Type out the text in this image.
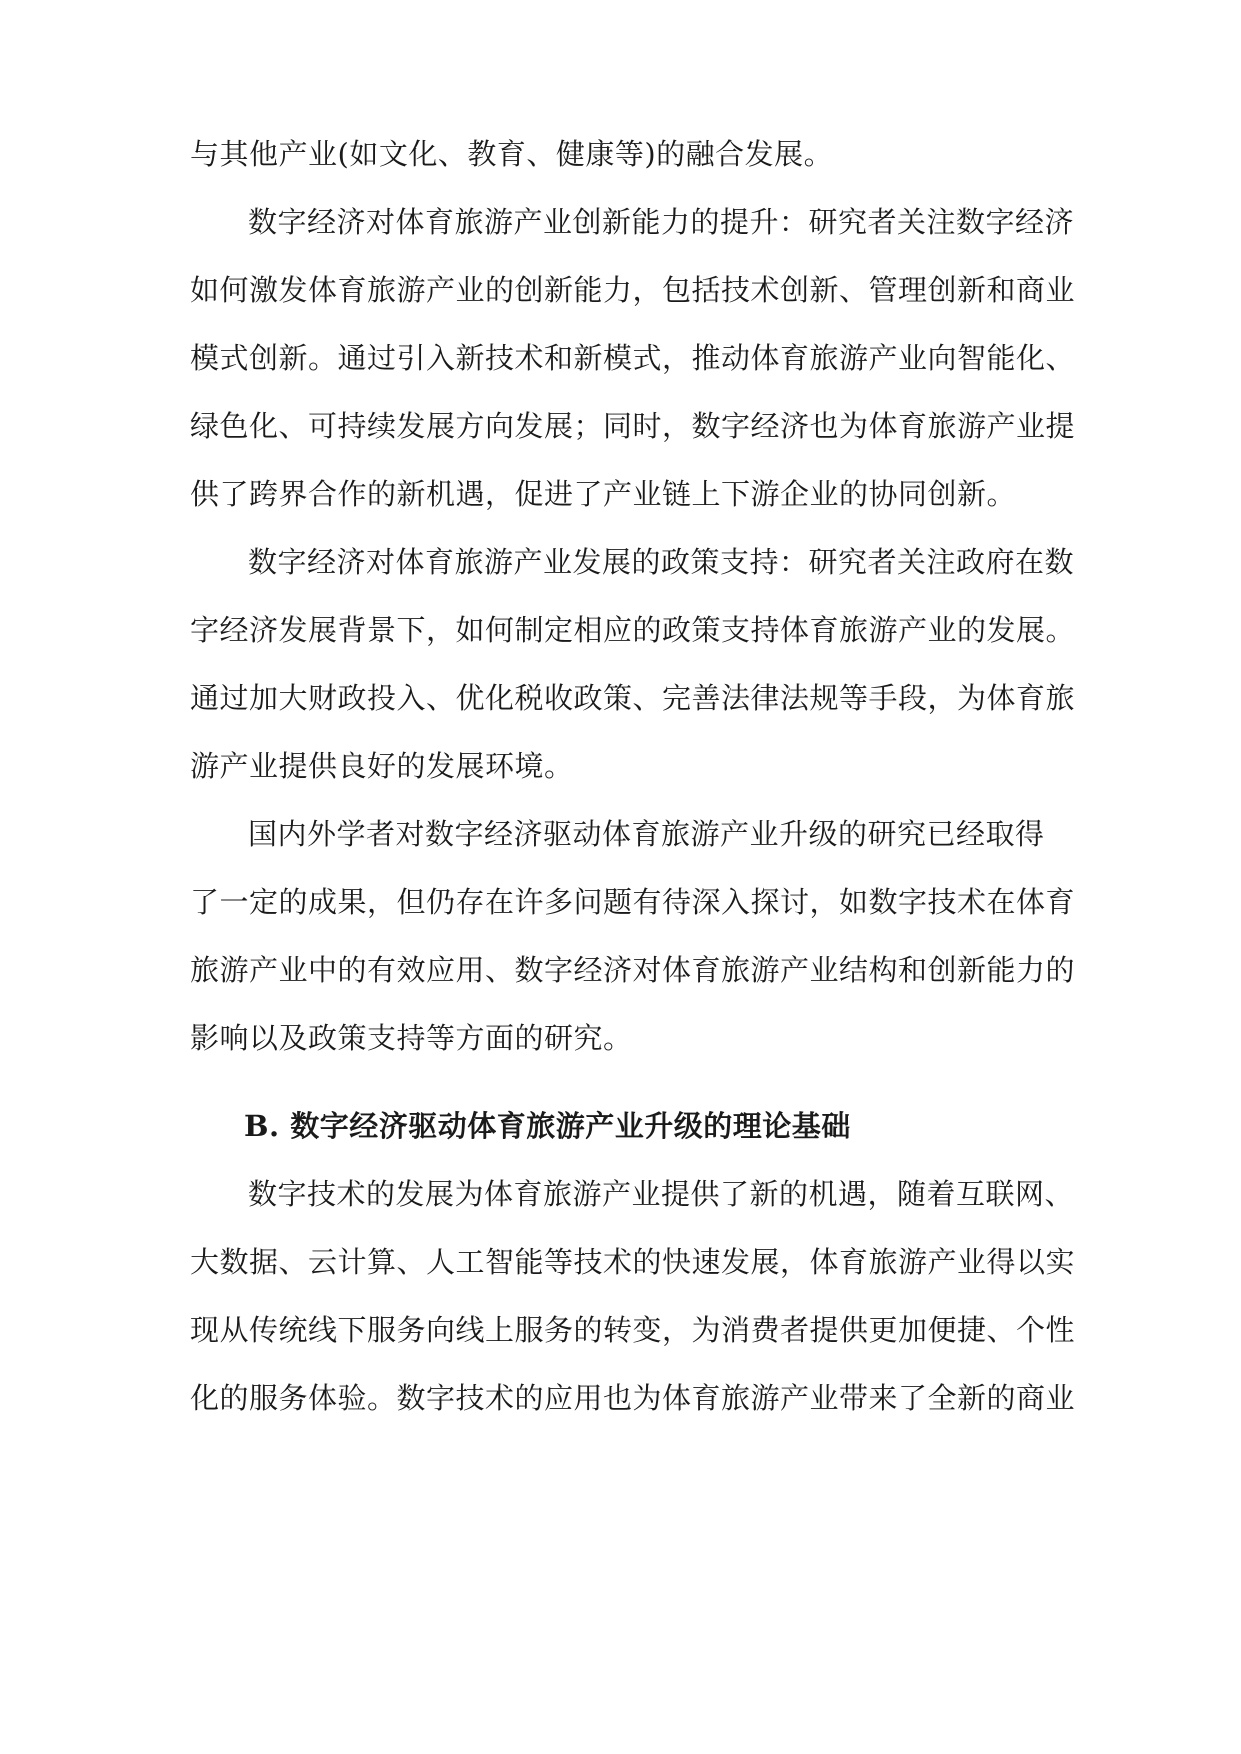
与其他产业(如文化、教育、健康等)的融合发展。
数字经济对体育旅游产业创新能力的提升：研究者关注数字经济
如何激发体育旅游产业的创新能力，包括技术创新、管理创新和商业
模式创新。通过引入新技术和新模式，推动体育旅游产业向智能化、
绿色化、可持续发展方向发展；同时，数字经济也为体育旅游产业提
供了跨界合作的新机遇，促进了产业链上下游企业的协同创新。
数字经济对体育旅游产业发展的政策支持：研究者关注政府在数
字经济发展背景下，如何制定相应的政策支持体育旅游产业的发展。
通过加大财政投入、优化税收政策、完善法律法规等手段，为体育旅
游产业提供良好的发展环境。
国内外学者对数字经济驱动体育旅游产业升级的研究已经取得
了一定的成果，但仍存在许多问题有待深入探讨，如数字技术在体育
旅游产业中的有效应用、数字经济对体育旅游产业结构和创新能力的
影响以及政策支持等方面的研究。
B. 数字经济驱动体育旅游产业升级的理论基础
数字技术的发展为体育旅游产业提供了新的机遇，随着互联网、
大数据、云计算、人工智能等技术的快速发展，体育旅游产业得以实
现从传统线下服务向线上服务的转变，为消费者提供更加便捷、个性
化的服务体验。数字技术的应用也为体育旅游产业带来了全新的商业
